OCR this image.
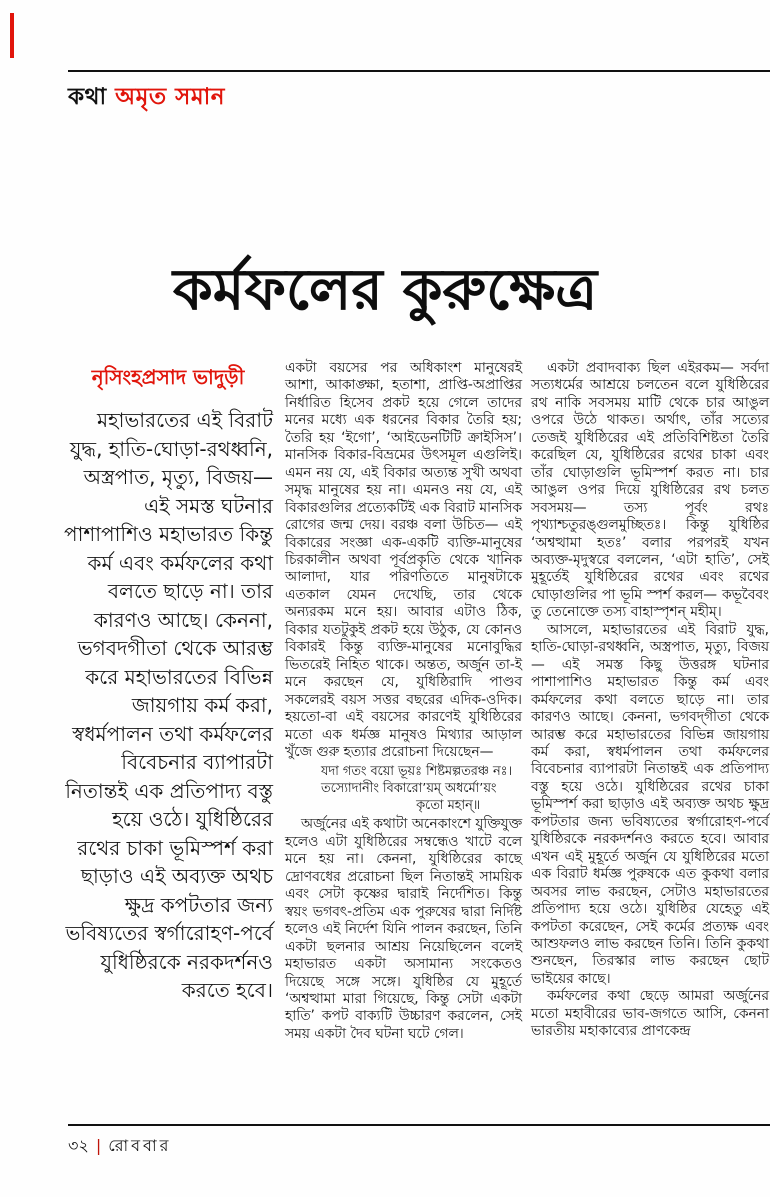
কথা অমৃত সমান
কর্মফলের কুরুক্ষেত্র
নৃসিংহপ্রসাদ ভাদুড়ী
মহাভারতের এই বিরাট যুদ্ধ, হাতি-ঘোড়া-রথধ্বনি, অস্ত্রপাত, মৃত্যু, বিজয়— এই সমস্ত ঘটনার পাশাপাশিও মহাভারত কিন্তু কর্ম এবং কর্মফলের কথা বলতে ছাড়ে না। তার কারণও আছে। কেননা, ভগবদগীতা থেকে আরম্ভ করে মহাভারতের বিভিন্ন জায়গায় কর্ম করা, স্বধর্মপালন তথা কর্মফলের বিবেচনার ব্যাপারটা নিতান্তই এক প্রতিপাদ্য বস্তু হয়ে ওঠে। যুধিষ্ঠিরের রথের চাকা ভূমিস্পর্শ করা ছাড়াও এই অব্যক্ত অথচ ক্ষুদ্র কপটতার জন্য ভবিষ্যতের স্বর্গারোহণ-পর্বে যুধিষ্ঠিরকে নরকদর্শনও করতে হবে।

একটা বয়সের পর অধিকাংশ মানুষেরই আশা, আকাঙ্ক্ষা, হতাশা, প্রাপ্তি-অপ্রাপ্তির নির্ধারিত হিসেব প্রকট হয়ে গেলে তাদের মনের মধ্যে এক ধরনের বিকার তৈরি হয়; তৈরি হয় ‘ইগো’, ‘আইডেনটিটি ক্রাইসিস’। মানসিক বিকার-বিভ্রমের উৎসমূল এগুলিই। এমন নয় যে, এই বিকার অত্যন্ত সুখী অথবা সমৃদ্ধ মানুষের হয় না। এমনও নয় যে, এই বিকারগুলির প্রত্যেকটিই এক বিরাট মানসিক রোগের জন্ম দেয়। বরঞ্চ বলা উচিত— এই বিকারের সংজ্ঞা এক-একটি ব্যক্তি-মানুষের চিরকালীন অথবা পূর্বপ্রকৃতি থেকে খানিক আলাদা, যার পরিণতিতে মানুষটাকে এতকাল যেমন দেখেছি, তার থেকে অন্যরকম মনে হয়। আবার এটাও ঠিক, বিকার যতটুকুই প্রকট হয়ে উঠুক, যে কোনও বিকারই কিন্তু ব্যক্তি-মানুষের মনোবুদ্ধির ভিতরেই নিহিত থাকে। অন্তত, অর্জুন তা-ই মনে করছেন যে, যুধিষ্ঠিরাদি পাণ্ডব সকলেরই বয়স সত্তর বছরের এদিক-ওদিক। হয়তো-বা এই বয়সের কারণেই যুধিষ্ঠিরের মতো এক ধর্মজ্ঞ মানুষও মিথ্যার আড়াল খুঁজে গুরু হত্যার প্ররোচনা দিয়েছেন—

যদা গতং বয়ো ভূয়ঃ শিষ্টমল্পতরঞ্চ নঃ।
তস্যোদানীং বিকারো’য়ম্ অধর্মো’য়ং
কৃতো মহান্॥

অর্জুনের এই কথাটা অনেকাংশে যুক্তিযুক্ত হলেও এটা যুধিষ্ঠিরের সম্বন্ধেও খাটে বলে মনে হয় না। কেননা, যুধিষ্ঠিরের কাছে দ্রোণবধের প্ররোচনা ছিল নিতান্তই সাময়িক এবং সেটা কৃষ্ণের দ্বারাই নির্দেশিত। কিন্তু স্বয়ং ভগবৎ-প্রতিম এক পুরুষের দ্বারা নির্দিষ্ট হলেও এই নির্দেশ যিনি পালন করছেন, তিনি একটা ছলনার আশ্রয় নিয়েছিলেন বলেই মহাভারত একটা অসামান্য সংকেতও দিয়েছে সঙ্গে সঙ্গে। যুধিষ্ঠির যে মুহূর্তে ‘অশ্বত্থামা মারা গিয়েছে, কিন্তু সেটা একটা হাতি’ কপট বাক্যটি উচ্চারণ করলেন, সেই সময় একটা দৈব ঘটনা ঘটে গেল।

একটা প্রবাদবাক্য ছিল এইরকম— সর্বদা সত্যধর্মের আশ্রয়ে চলতেন বলে যুধিষ্ঠিরের রথ নাকি সবসময় মাটি থেকে চার আঙুল ওপরে উঠে থাকত। অর্থাৎ, তাঁর সত্যের তেজই যুধিষ্ঠিরের এই প্রতিবিশিষ্টতা তৈরি করেছিল যে, যুধিষ্ঠিরের রথের চাকা এবং তাঁর ঘোড়াগুলি ভূমিস্পর্শ করত না। চার আঙুল ওপর দিয়ে যুধিষ্ঠিরের রথ চলত সবসময়— তস্য পূর্বং রথঃ পৃথ্যাশ্চতুরঙ্গুলমুচ্ছিতঃ। কিন্তু যুধিষ্ঠির ‘অশ্বত্থামা হতঃ’ বলার পরপরই যখন অব্যক্ত-মৃদুস্বরে বললেন, ‘এটা হাতি’, সেই মুহূর্তেই যুধিষ্ঠিরের রথের এবং রথের ঘোড়াগুলির পা ভূমি স্পর্শ করল— কভূবৈবং তু তেনোক্তে তস্য বাহাস্পৃশন্ মহীম্।

আসলে, মহাভারতের এই বিরাট যুদ্ধ, হাতি-ঘোড়া-রথধ্বনি, অস্ত্রপাত, মৃত্যু, বিজয়— এই সমস্ত কিছু উত্তরঙ্গ ঘটনার পাশাপাশিও মহাভারত কিন্তু কর্ম এবং কর্মফলের কথা বলতে ছাড়ে না। তার কারণও আছে। কেননা, ভগবদ্‌গীতা থেকে আরম্ভ করে মহাভারতের বিভিন্ন জায়গায় কর্ম করা, স্বধর্মপালন তথা কর্মফলের বিবেচনার ব্যাপারটা নিতান্তই এক প্রতিপাদ্য বস্তু হয়ে ওঠে। যুধিষ্ঠিরের রথের চাকা ভূমিস্পর্শ করা ছাড়াও এই অব্যক্ত অথচ ক্ষুদ্র কপটতার জন্য ভবিষ্যতের স্বর্গারোহণ-পর্বে যুধিষ্ঠিরকে নরকদর্শনও করতে হবে। আবার এখন এই মুহূর্তে অর্জুন যে যুধিষ্ঠিরের মতো এক বিরাট ধর্মজ্ঞ পুরুষকে এত কুকথা বলার অবসর লাভ করছেন, সেটাও মহাভারতের প্রতিপাদ্য হয়ে ওঠে। যুধিষ্ঠির যেহেতু এই কপটতা করেছেন, সেই কর্মের প্রত্যক্ষ এবং আশুফলও লাভ করছেন তিনি। তিনি কুকথা শুনছেন, তিরস্কার লাভ করছেন ছোট ভাইয়ের কাছে।

কর্মফলের কথা ছেড়ে আমরা অর্জুনের মতো মহাবীরের ভাব-জগতে আসি, কেননা ভারতীয় মহাকাব্যের প্রাণকেন্দ্র

৩২ | রোববার
